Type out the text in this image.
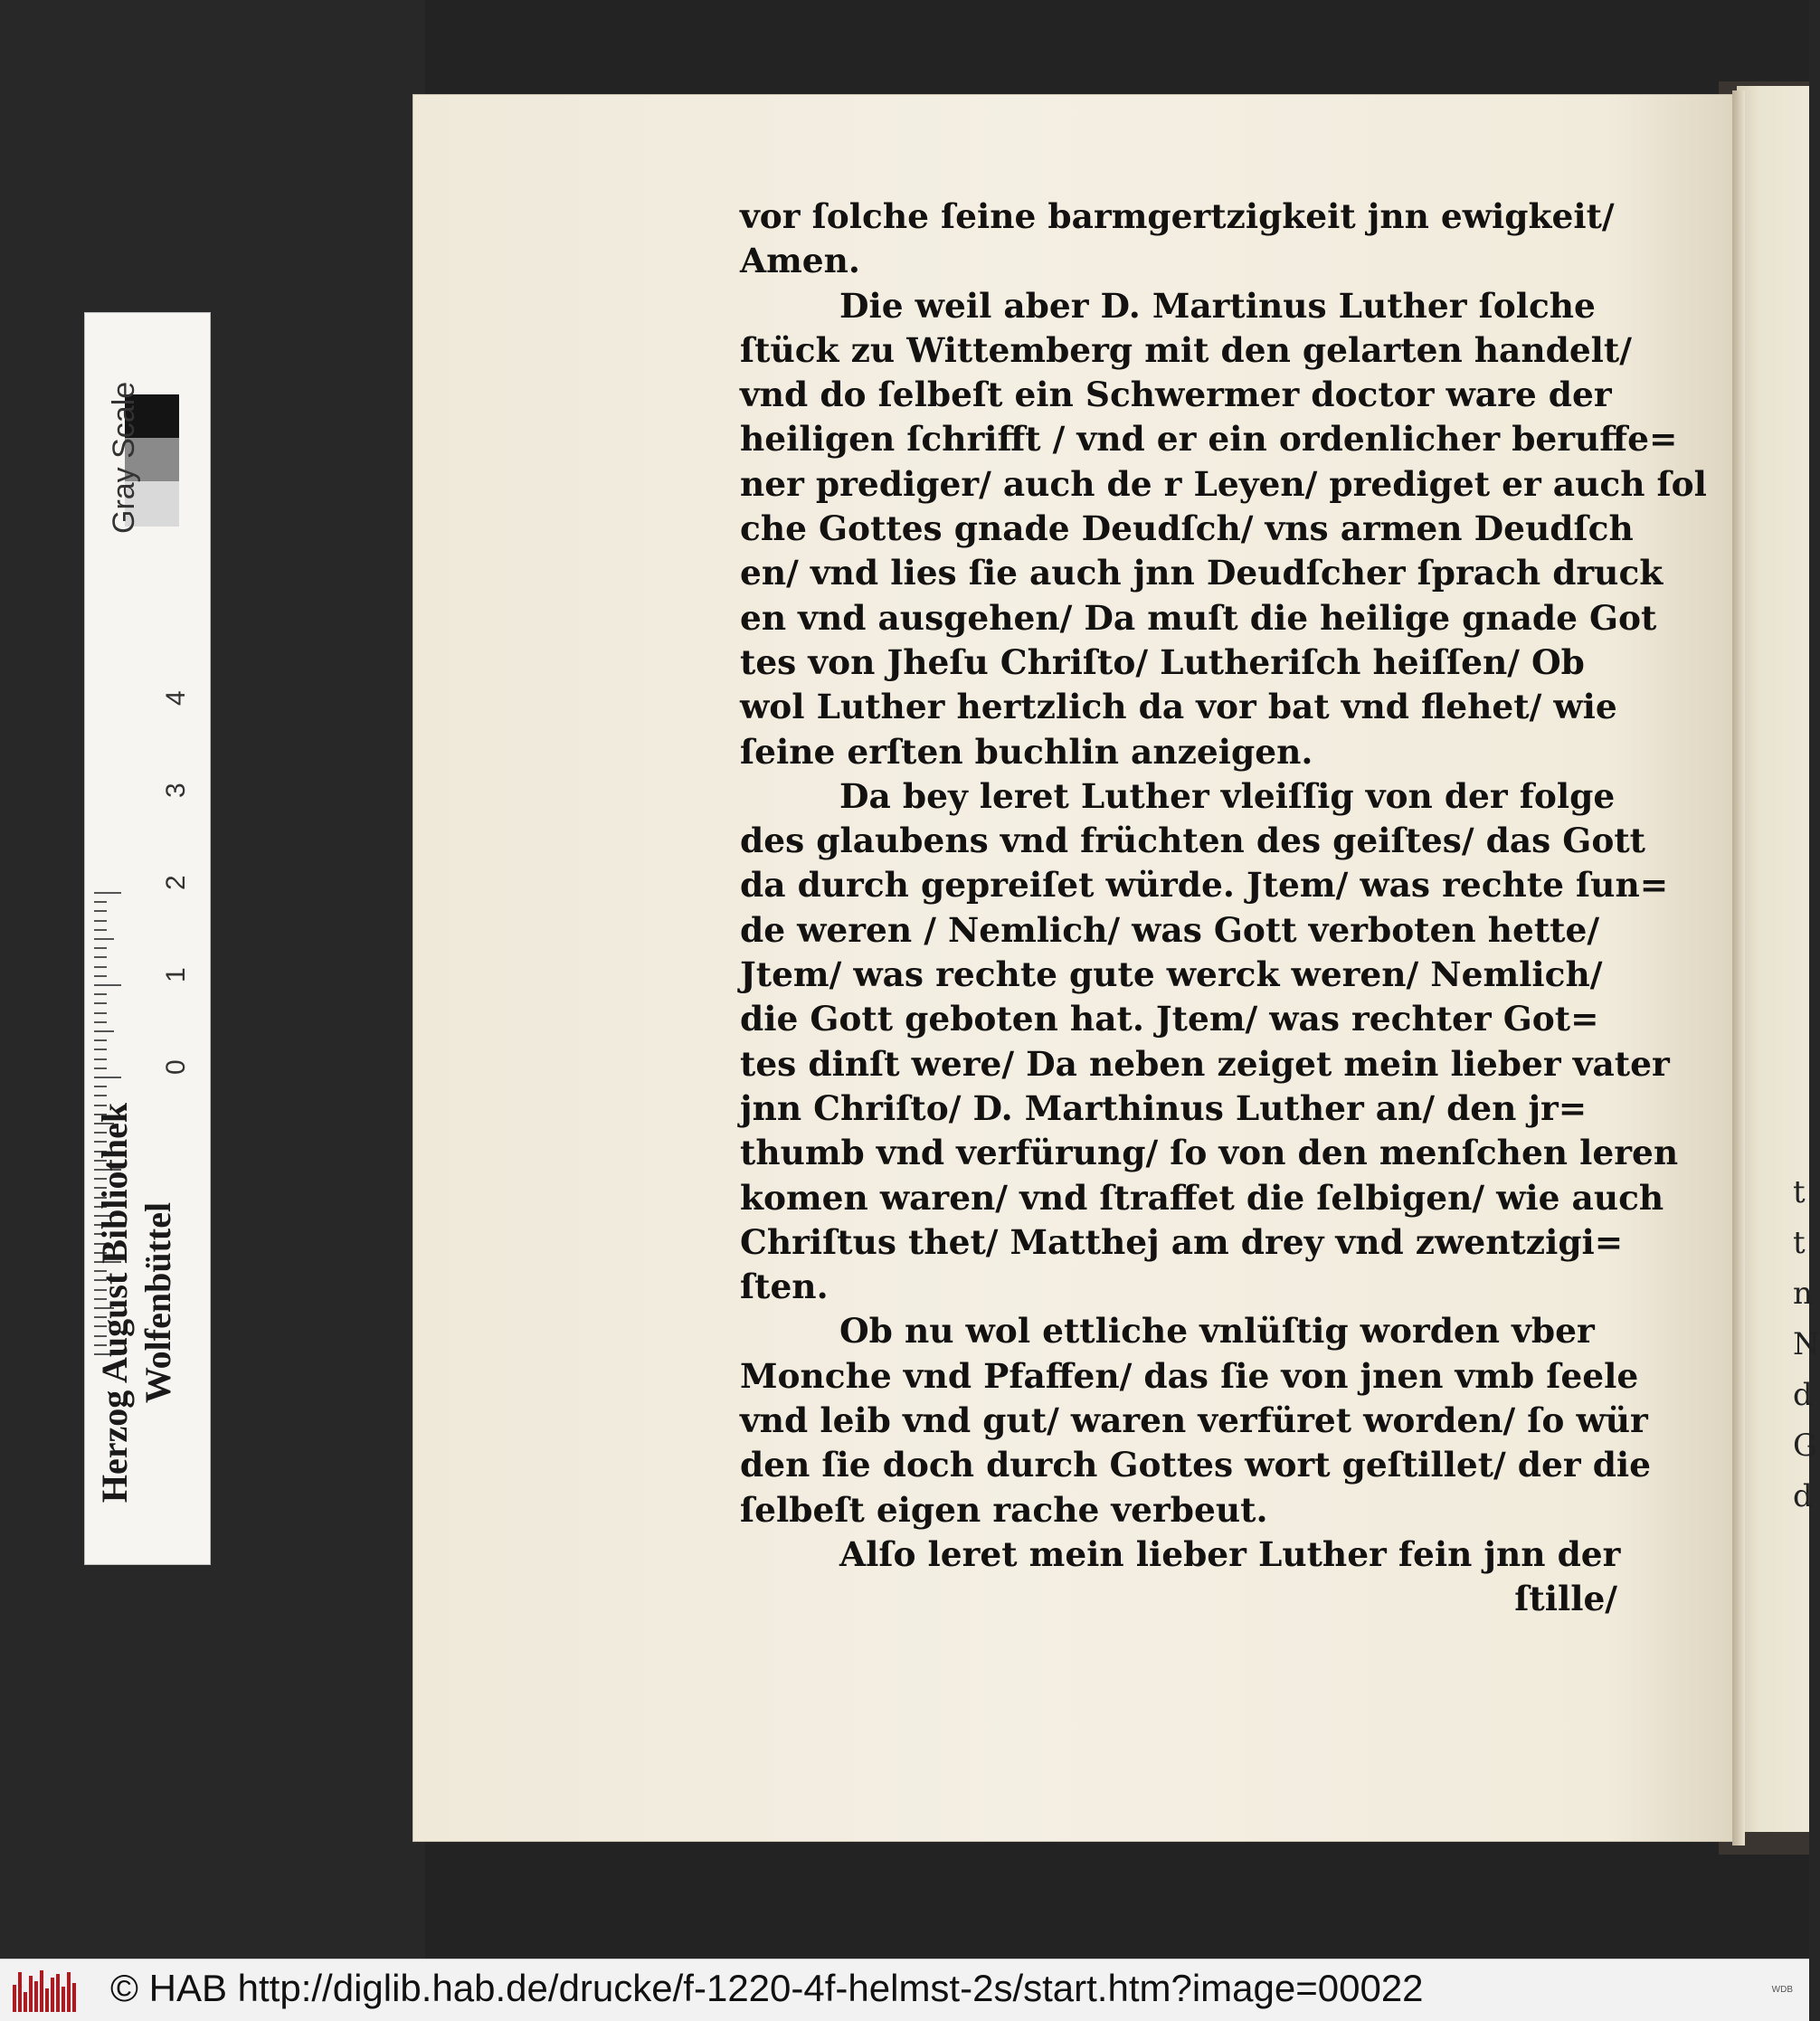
Gray Scale
4
3
2
1
0
Herzog August Bibliothek Wolfenbüttel
t
t
n
N
d
G
d
vor ſolche ſeine barmgertzigkeit jnn ewigkeit/
Amen.
Die weil aber D. Martinus Luther ſolche
ſtück zu Wittemberg mit den gelarten handelt/
vnd do ſelbeſt ein Schwermer doctor ware der
heiligen ſchrifft / vnd er ein ordenlicher beruffe=
ner prediger/ auch de r Leyen/ prediget er auch ſol
che Gottes gnade Deudſch/ vns armen Deudſch
en/ vnd lies ſie auch jnn Deudſcher ſprach druck
en vnd ausgehen/ Da muſt die heilige gnade Got
tes von Jheſu Chriſto/ Lutheriſch heiſſen/ Ob
wol Luther hertzlich da vor bat vnd flehet/ wie
ſeine erſten buchlin anzeigen.
Da bey leret Luther vleiſſig von der folge
des glaubens vnd früchten des geiſtes/ das Gott
da durch gepreiſet würde. Jtem/ was rechte ſun=
de weren / Nemlich/ was Gott verboten hette/
Jtem/ was rechte gute werck weren/ Nemlich/
die Gott geboten hat. Jtem/ was rechter Got=
tes dinſt were/ Da neben zeiget mein lieber vater
jnn Chriſto/ D. Marthinus Luther an/ den jr=
thumb vnd verfürung/ ſo von den menſchen leren
komen waren/ vnd ſtraffet die ſelbigen/ wie auch
Chriſtus thet/ Matthej am drey vnd zwentzigi=
ſten.
Ob nu wol ettliche vnlüſtig worden vber
Monche vnd Pfaffen/ das ſie von jnen vmb ſeele
vnd leib vnd gut/ waren verfüret worden/ ſo wür
den ſie doch durch Gottes wort geſtillet/ der die
ſelbeſt eigen rache verbeut.
Alſo leret mein lieber Luther fein jnn der
ſtille/
© HAB http://diglib.hab.de/drucke/f-1220-4f-helmst-2s/start.htm?image=00022	WDB
